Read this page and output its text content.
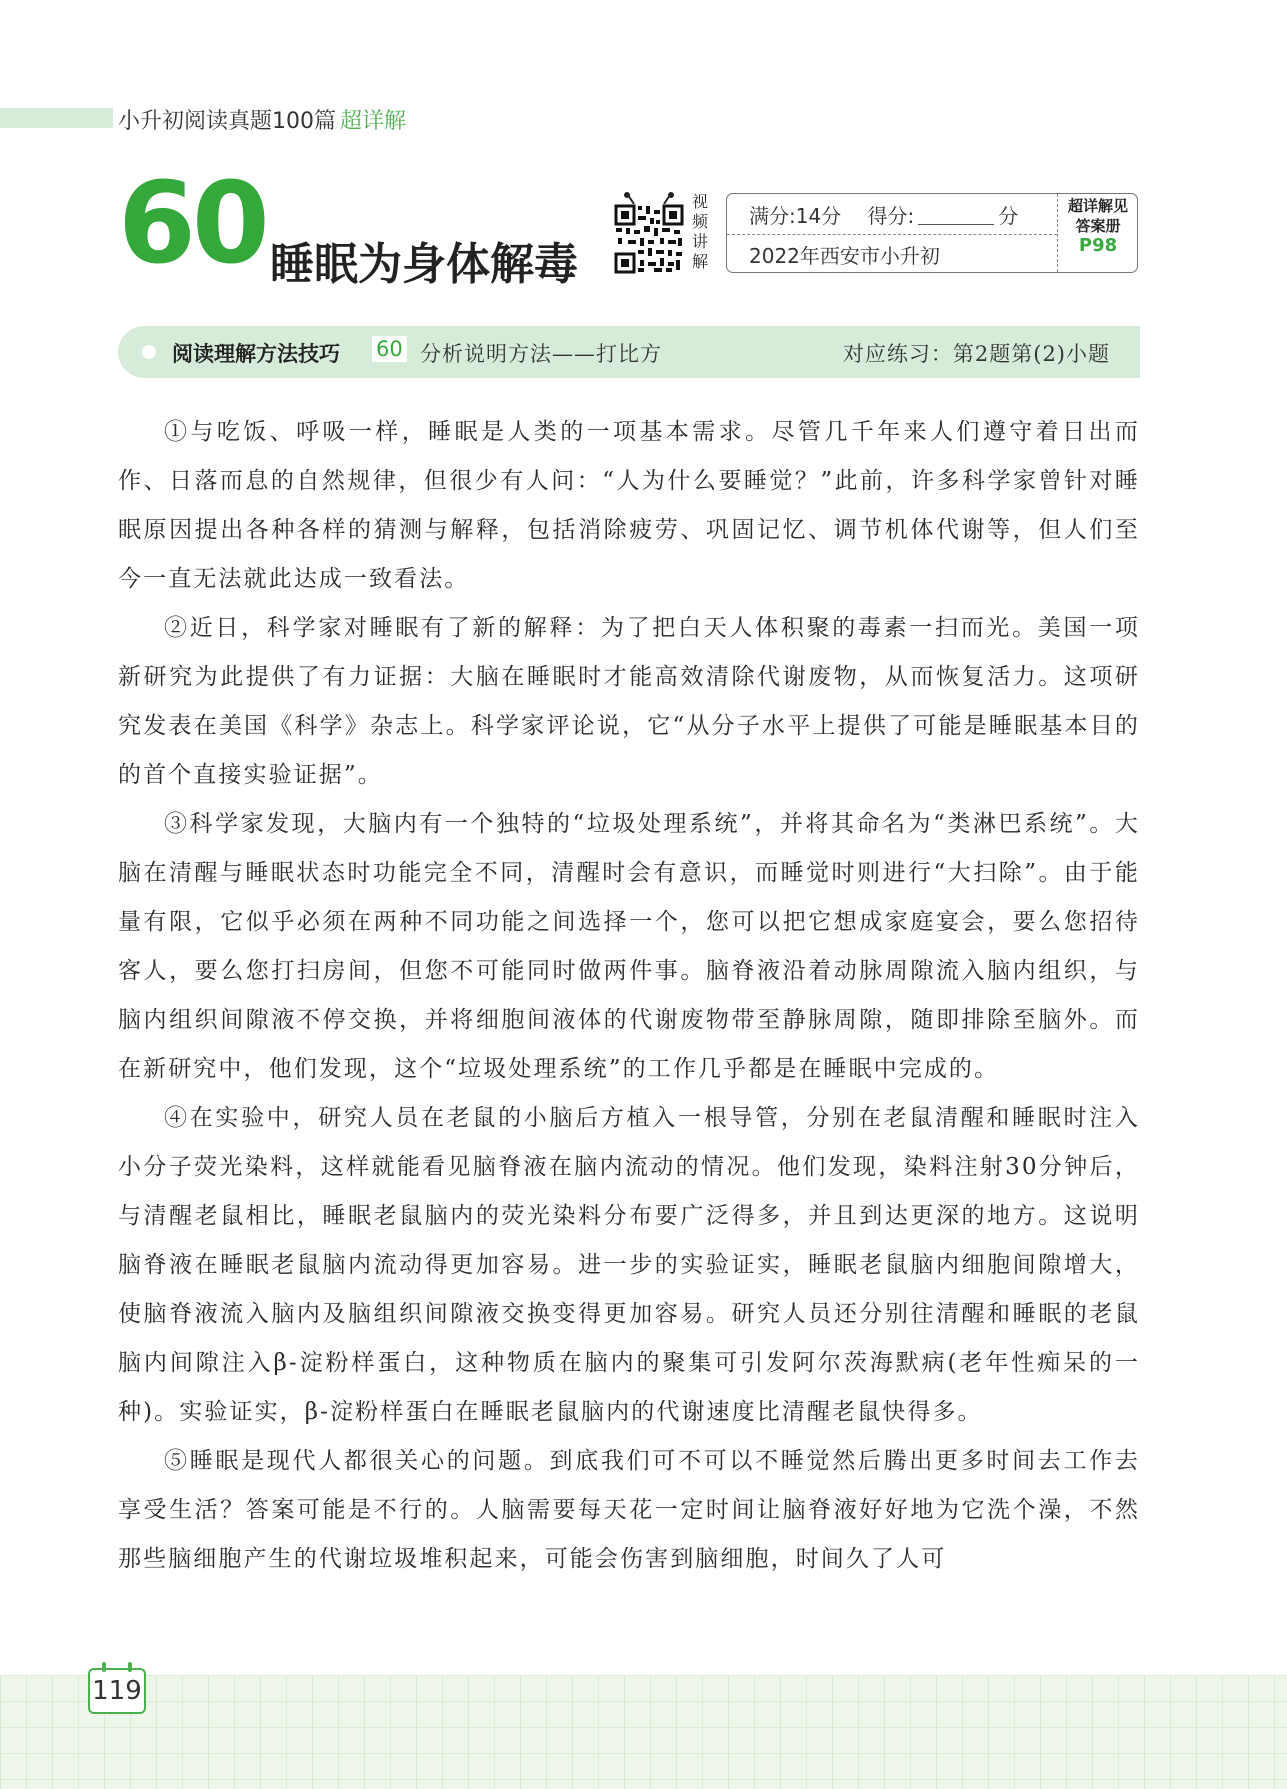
小升初阅读真题100篇 超详解
60 睡眠为身体解毒
视
频
讲
解
满分:14分 得分:	分
2022年西安市小升初
超详解见
答案册
P98
阅读理解方法技巧 60 分析说明方法——打比方	对应练习：第2题第(2)小题

①与吃饭、呼吸一样，睡眠是人类的一项基本需求。尽管几千年来人们遵守着日出而作、日落而息的自然规律，但很少有人问：“人为什么要睡觉？”此前，许多科学家曾针对睡眠原因提出各种各样的猜测与解释，包括消除疲劳、巩固记忆、调节机体代谢等，但人们至今一直无法就此达成一致看法。

②近日，科学家对睡眠有了新的解释：为了把白天人体积聚的毒素一扫而光。美国一项新研究为此提供了有力证据：大脑在睡眠时才能高效清除代谢废物，从而恢复活力。这项研究发表在美国《科学》杂志上。科学家评论说，它“从分子水平上提供了可能是睡眠基本目的的首个直接实验证据”。

③科学家发现，大脑内有一个独特的“垃圾处理系统”，并将其命名为“类淋巴系统”。大脑在清醒与睡眠状态时功能完全不同，清醒时会有意识，而睡觉时则进行“大扫除”。由于能量有限，它似乎必须在两种不同功能之间选择一个，您可以把它想成家庭宴会，要么您招待客人，要么您打扫房间，但您不可能同时做两件事。脑脊液沿着动脉周隙流入脑内组织，与脑内组织间隙液不停交换，并将细胞间液体的代谢废物带至静脉周隙，随即排除至脑外。而在新研究中，他们发现，这个“垃圾处理系统”的工作几乎都是在睡眠中完成的。

④在实验中，研究人员在老鼠的小脑后方植入一根导管，分别在老鼠清醒和睡眠时注入小分子荧光染料，这样就能看见脑脊液在脑内流动的情况。他们发现，染料注射30分钟后，与清醒老鼠相比，睡眠老鼠脑内的荧光染料分布要广泛得多，并且到达更深的地方。这说明脑脊液在睡眠老鼠脑内流动得更加容易。进一步的实验证实，睡眠老鼠脑内细胞间隙增大，使脑脊液流入脑内及脑组织间隙液交换变得更加容易。研究人员还分别往清醒和睡眠的老鼠脑内间隙注入β-淀粉样蛋白，这种物质在脑内的聚集可引发阿尔茨海默病(老年性痴呆的一种)。实验证实，β-淀粉样蛋白在睡眠老鼠脑内的代谢速度比清醒老鼠快得多。

⑤睡眠是现代人都很关心的问题。到底我们可不可以不睡觉然后腾出更多时间去工作去享受生活？答案可能是不行的。人脑需要每天花一定时间让脑脊液好好地为它洗个澡，不然那些脑细胞产生的代谢垃圾堆积起来，可能会伤害到脑细胞，时间久了人可

119
